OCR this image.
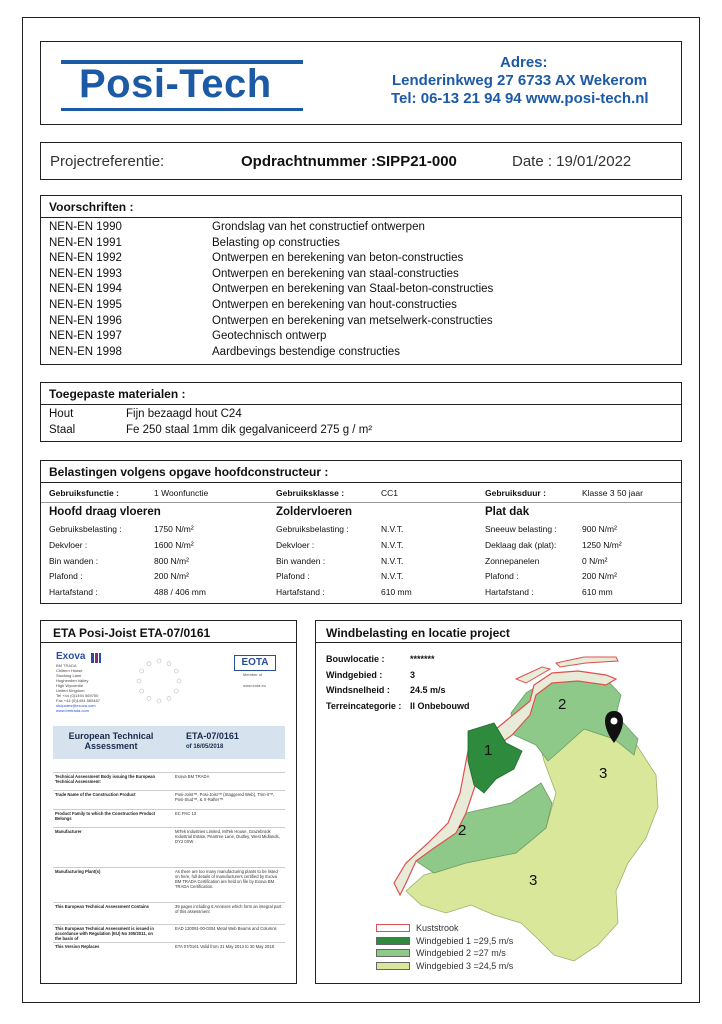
Posi-Tech	Adres:
Lenderinkweg 27 6733 AX Wekerom
Tel: 06-13 21 94 94 www.posi-tech.nl
Projectreferentie:	Opdrachtnummer :SIPP21-000	Date : 19/01/2022
Voorschriften :
NEN-EN 1990	Grondslag van het constructief ontwerpen
NEN-EN 1991	Belasting op constructies
NEN-EN 1992	Ontwerpen en berekening van beton-constructies
NEN-EN 1993	Ontwerpen en berekening van staal-constructies
NEN-EN 1994	Ontwerpen en berekening van Staal-beton-constructies
NEN-EN 1995	Ontwerpen en berekening van hout-constructies
NEN-EN 1996	Ontwerpen en berekening van metselwerk-constructies
NEN-EN 1997	Geotechnisch ontwerp
NEN-EN 1998	Aardbevings bestendige constructies
Toegepaste materialen :
Hout	Fijn bezaagd hout C24
Staal	Fe 250 staal 1mm dik gegalvaniceerd 275 g / m²
Belastingen volgens opgave hoofdconstructeur :
Gebruiksfunctie :	1 Woonfunctie	Gebruiksklasse :	CC1	Gebruiksduur :	Klasse 3 50 jaar
Hoofd draag vloeren
Gebruiksbelasting :	1750 N/m²
Dekvloer :	1600 N/m²
Bin wanden :	800 N/m²
Plafond :	200 N/m²
Hartafstand :	488 / 406 mm
Zoldervloeren
Gebruiksbelasting :	N.V.T.
Dekvloer :	N.V.T.
Bin wanden :	N.V.T.
Plafond :	N.V.T.
Hartafstand :	610 mm
Plat dak
Sneeuw belasting :	900 N/m²
Deklaag dak (plat):	1250 N/m²
Zonnepanelen	0 N/m²
Plafond :	200 N/m²
Hartafstand :	610 mm
ETA Posi-Joist ETA-07/0161
Exova
BM TRADA
Chiltern House
Stocking Lane
Hughenden Valley
High Wycombe
United Kingdom
Tel +44 (0)1494 569700
Fax +44 (0)1494 565487
ukquotes@exova.com
www.bmtrada.com
EOTA
Member of
www.eota.eu
European Technical Assessment
ETA-07/0161
of 16/05/2018
Technical Assessment Body issuing the European Technical Assessment:
Exova BM TRADA
Trade Name of the Construction Product	Posi-Joist™, Posi-Joist™ (Staggered Web), Trim-it™, Posi-Stud™, & X-Rafter™
Product Family to which the Construction Product Belongs
EC PAC 13
Manufacturer	MiTek Industries Limited, MiTek House, Grazebrook Industrial Estate, Peartree Lane, Dudley, West Midlands, DY2 0XW
Manufacturing Plant(s)	As there are too many manufacturing plants to be listed on here, full details of manufacturers certified by Exova BM TRADA Certification are held on file by Exova BM TRADA Certification.
This European Technical Assessment Contains	39 pages including 6 Annexes which form an integral part of this assessment
This European Technical Assessment is issued in accordance with Regulation (EU) No 305/2011, on the basis of
EAD 130091-00-0304 Metal Web Beams and Columns
This Version Replaces	ETA 07/0161 Valid from 31 May 2013 to 30 May 2018
Windbelasting en locatie project
1
2
2
3
3
Bouwlocatie :	*******
Windgebied :	3
Windsnelheid : 24.5 m/s
Terreincategorie : II Onbebouwd
Kuststrook
Windgebied 1 =29,5 m/s
Windgebied 2 =27 m/s
Windgebied 3 =24,5 m/s
